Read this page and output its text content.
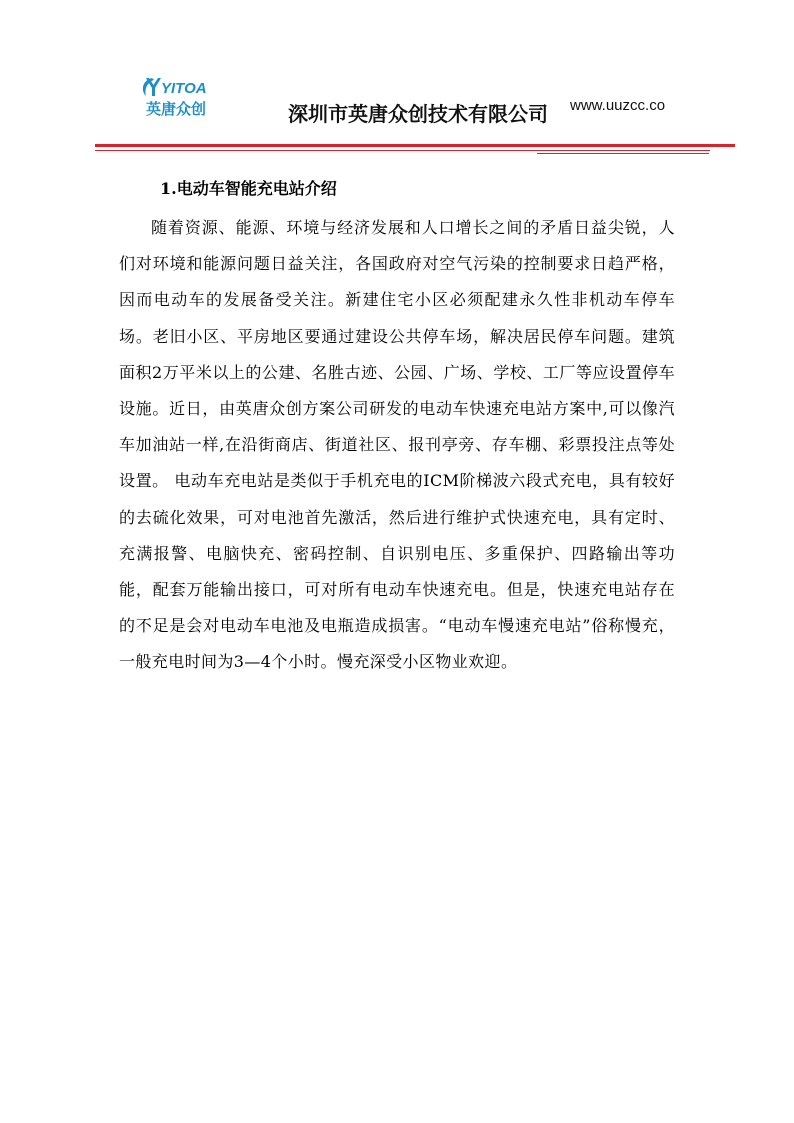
YITOA
英唐众创	深圳市英唐众创技术有限公司 www.uuzcc.co
1.电动车智能充电站介绍

随着资源、能源、环境与经济发展和人口增长之间的矛盾日益尖锐，人们对环境和能源问题日益关注，各国政府对空气污染的控制要求日趋严格，因而电动车的发展备受关注。新建住宅小区必须配建永久性非机动车停车场。老旧小区、平房地区要通过建设公共停车场，解决居民停车问题。建筑面积2万平米以上的公建、名胜古迹、公园、广场、学校、工厂等应设置停车设施。近日，由英唐众创方案公司研发的电动车快速充电站方案中,可以像汽车加油站一样,在沿街商店、街道社区、报刊亭旁、存车棚、彩票投注点等处设置。 电动车充电站是类似于手机充电的ICM阶梯波六段式充电，具有较好的去硫化效果，可对电池首先激活，然后进行维护式快速充电，具有定时、充满报警、电脑快充、密码控制、自识别电压、多重保护、四路输出等功能，配套万能输出接口，可对所有电动车快速充电。但是，快速充电站存在的不足是会对电动车电池及电瓶造成损害。“电动车慢速充电站”俗称慢充，一般充电时间为3—4个小时。慢充深受小区物业欢迎。
